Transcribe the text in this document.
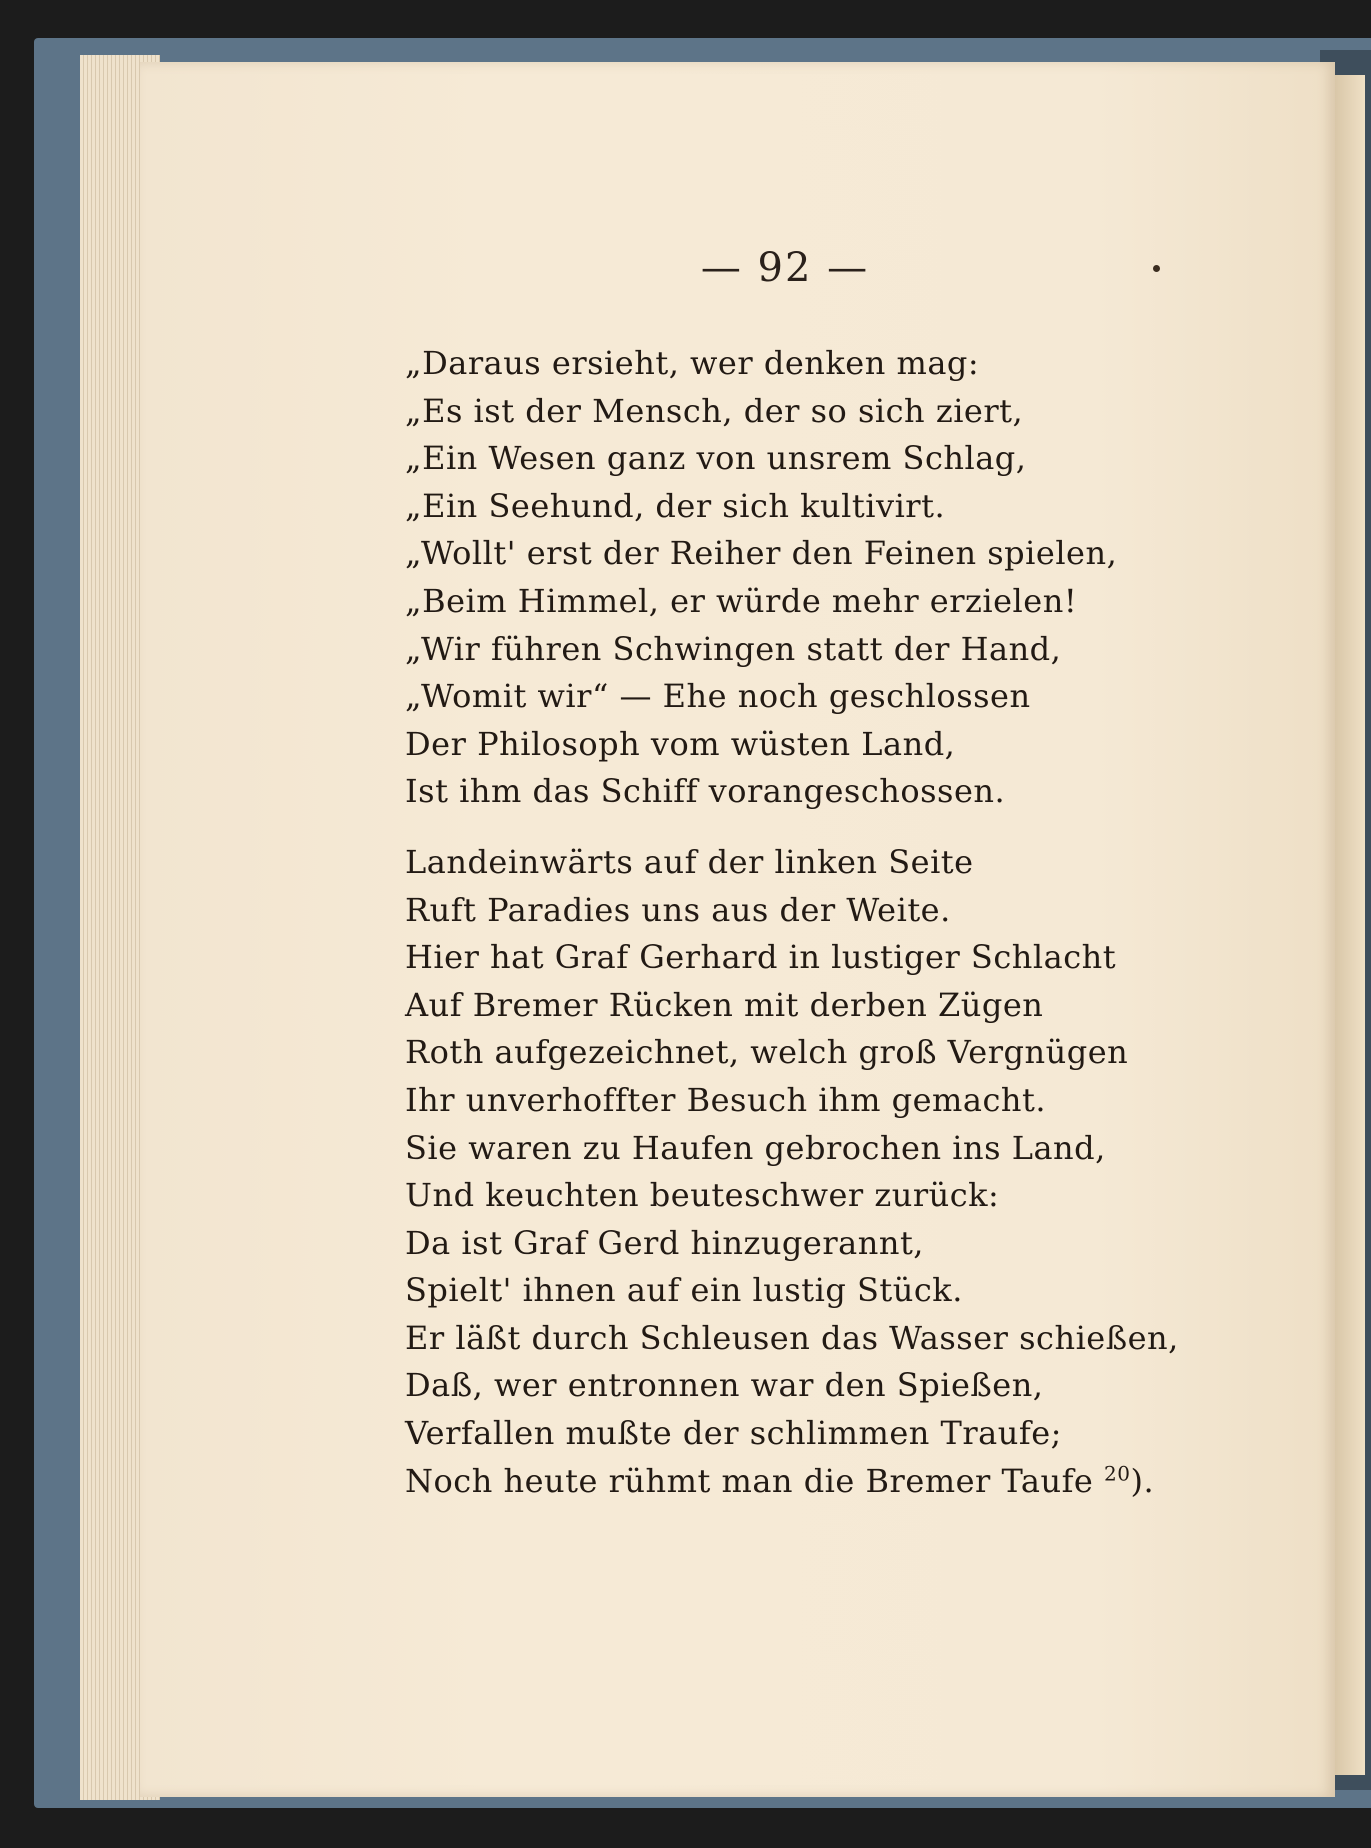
— 92 —
„Daraus ersieht, wer denken mag:
„Es ist der Mensch, der so sich ziert,
„Ein Wesen ganz von unsrem Schlag,
„Ein Seehund, der sich kultivirt.
„Wollt' erst der Reiher den Feinen spielen,
„Beim Himmel, er würde mehr erzielen!
„Wir führen Schwingen statt der Hand,
„Womit wir“ — Ehe noch geschlossen
Der Philosoph vom wüsten Land,
Ist ihm das Schiff vorangeschossen.
Landeinwärts auf der linken Seite
Ruft Paradies uns aus der Weite.
Hier hat Graf Gerhard in lustiger Schlacht
Auf Bremer Rücken mit derben Zügen
Roth aufgezeichnet, welch groß Vergnügen
Ihr unverhoffter Besuch ihm gemacht.
Sie waren zu Haufen gebrochen ins Land,
Und keuchten beuteschwer zurück:
Da ist Graf Gerd hinzugerannt,
Spielt' ihnen auf ein lustig Stück.
Er läßt durch Schleusen das Wasser schießen,
Daß, wer entronnen war den Spießen,
Verfallen mußte der schlimmen Traufe;
Noch heute rühmt man die Bremer Taufe $^{20}$).
